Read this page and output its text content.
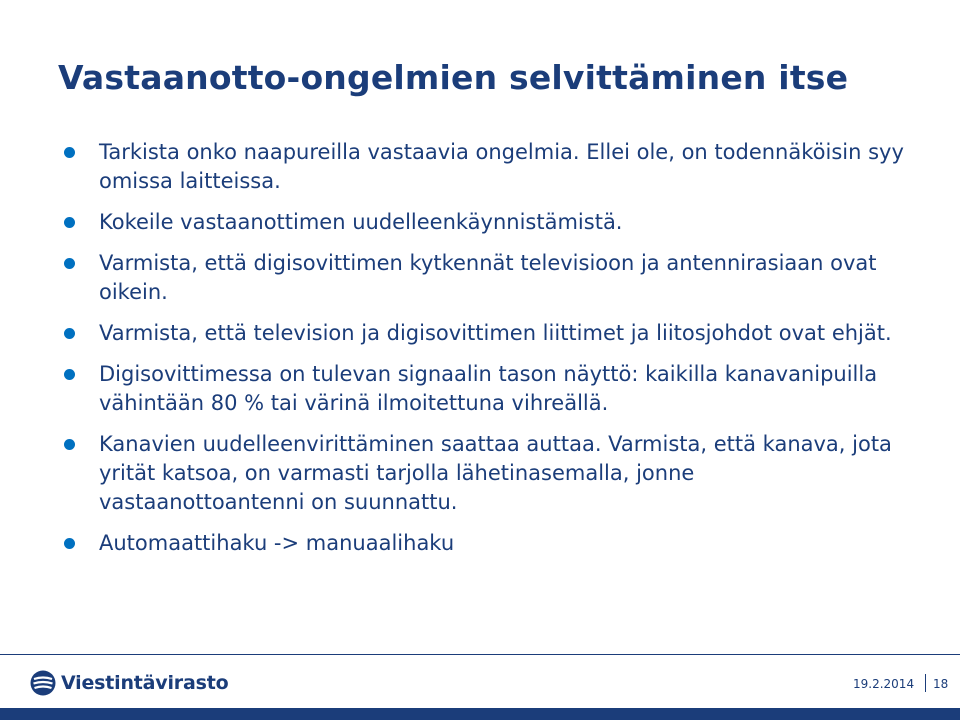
Vastaanotto-ongelmien selvittäminen itse
Tarkista onko naapureilla vastaavia ongelmia. Ellei ole, on todennäköisin syy omissa laitteissa.
Kokeile vastaanottimen uudelleenkäynnistämistä.
Varmista, että digisovittimen kytkennät televisioon ja antennirasiaan ovat oikein.
Varmista, että television ja digisovittimen liittimet ja liitosjohdot ovat ehjät.
Digisovittimessa on tulevan signaalin tason näyttö: kaikilla kanavanipuilla vähintään 80 % tai värinä ilmoitettuna vihreällä.
Kanavien uudelleenvirittäminen saattaa auttaa. Varmista, että kanava, jota yrität katsoa, on varmasti tarjolla lähetinasemalla, jonne vastaanottoantenni on suunnattu.
Automaattihaku -> manuaalihaku
Viestintävirasto	19.2.2014 18
